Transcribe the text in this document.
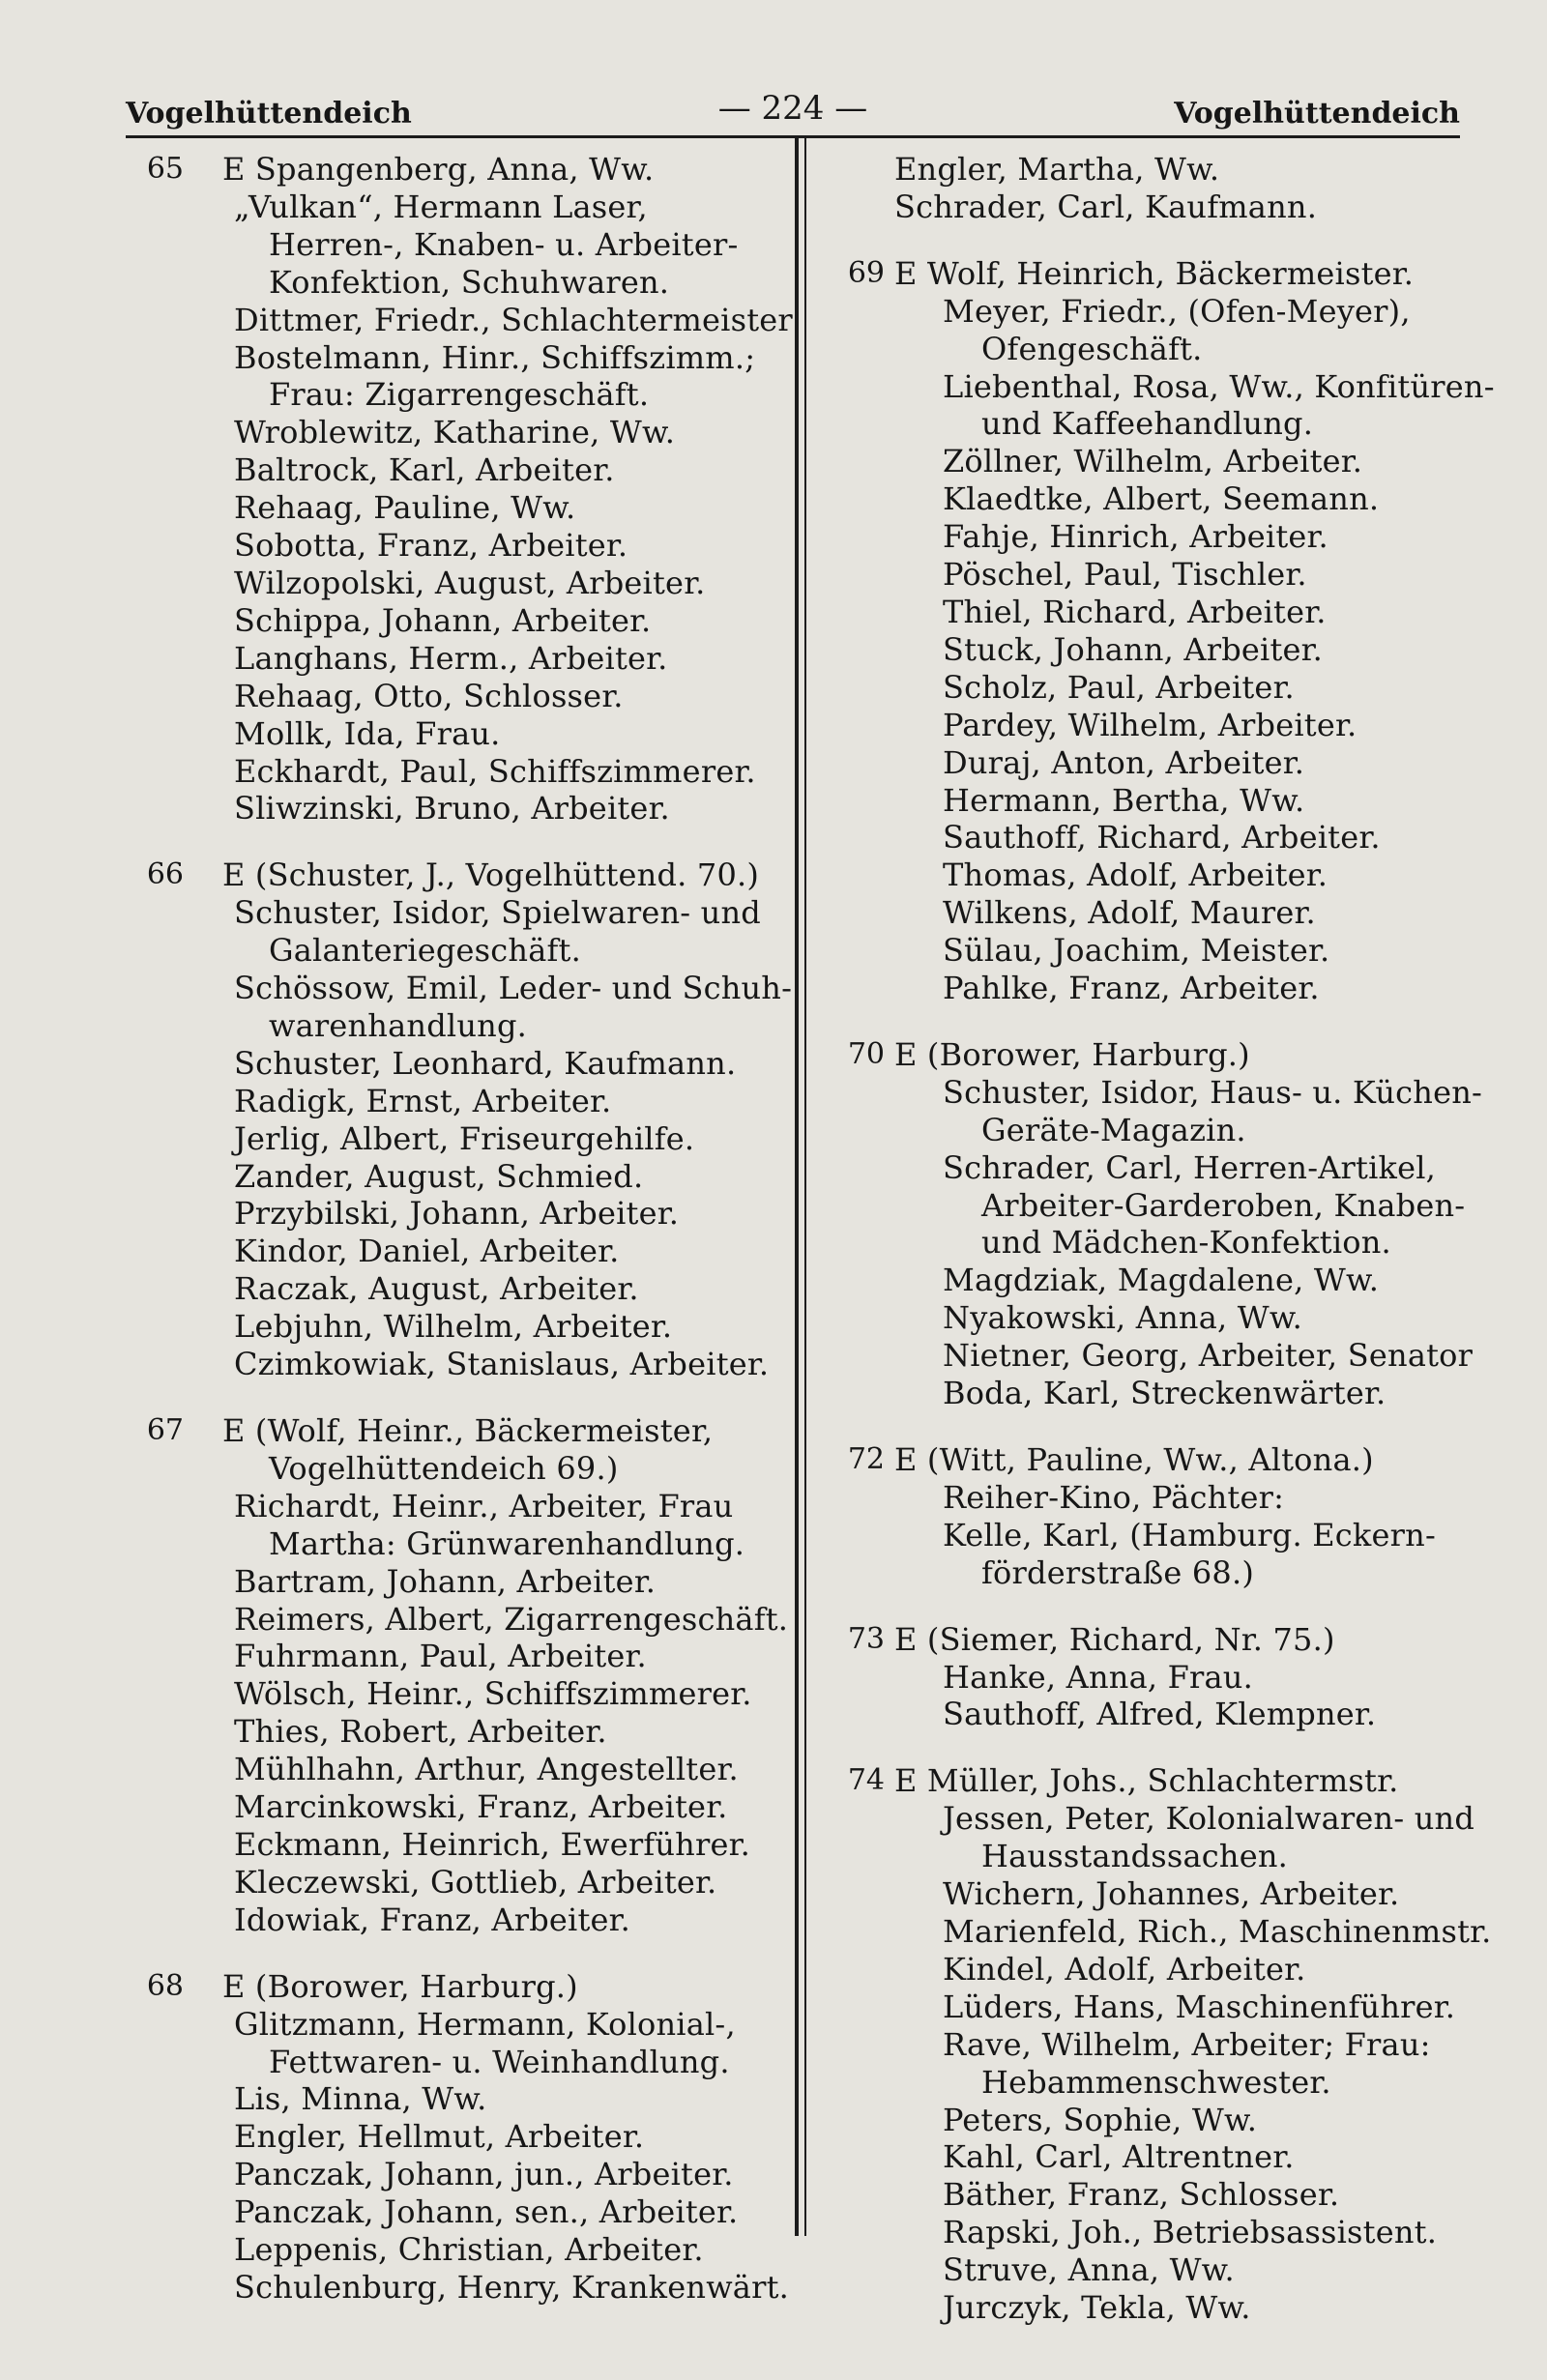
Vogelhüttendeich	— 224 —	Vogelhüttendeich
65 E Spangenberg, Anna, Ww.
„Vulkan“, Hermann Laser,
Herren-, Knaben- u. Arbeiter-
Konfektion, Schuhwaren.
Dittmer, Friedr., Schlachtermeister
Bostelmann, Hinr., Schiffszimm.;
Frau: Zigarrengeschäft.
Wroblewitz, Katharine, Ww.
Baltrock, Karl, Arbeiter.
Rehaag, Pauline, Ww.
Sobotta, Franz, Arbeiter.
Wilzopolski, August, Arbeiter.
Schippa, Johann, Arbeiter.
Langhans, Herm., Arbeiter.
Rehaag, Otto, Schlosser.
Mollk, Ida, Frau.
Eckhardt, Paul, Schiffszimmerer.
Sliwzinski, Bruno, Arbeiter.
66 E (Schuster, J., Vogelhüttend. 70.)
Schuster, Isidor, Spielwaren- und
Galanteriegeschäft.
Schössow, Emil, Leder- und Schuh-
warenhandlung.
Schuster, Leonhard, Kaufmann.
Radigk, Ernst, Arbeiter.
Jerlig, Albert, Friseurgehilfe.
Zander, August, Schmied.
Przybilski, Johann, Arbeiter.
Kindor, Daniel, Arbeiter.
Raczak, August, Arbeiter.
Lebjuhn, Wilhelm, Arbeiter.
Czimkowiak, Stanislaus, Arbeiter.
67 E (Wolf, Heinr., Bäckermeister,
Vogelhüttendeich 69.)
Richardt, Heinr., Arbeiter, Frau
Martha: Grünwarenhandlung.
Bartram, Johann, Arbeiter.
Reimers, Albert, Zigarrengeschäft.
Fuhrmann, Paul, Arbeiter.
Wölsch, Heinr., Schiffszimmerer.
Thies, Robert, Arbeiter.
Mühlhahn, Arthur, Angestellter.
Marcinkowski, Franz, Arbeiter.
Eckmann, Heinrich, Ewerführer.
Kleczewski, Gottlieb, Arbeiter.
Idowiak, Franz, Arbeiter.
68 E (Borower, Harburg.)
Glitzmann, Hermann, Kolonial-,
Fettwaren- u. Weinhandlung.
Lis, Minna, Ww.
Engler, Hellmut, Arbeiter.
Panczak, Johann, jun., Arbeiter.
Panczak, Johann, sen., Arbeiter.
Leppenis, Christian, Arbeiter.
Schulenburg, Henry, Krankenwärt.
Engler, Martha, Ww.
Schrader, Carl, Kaufmann.
69 E Wolf, Heinrich, Bäckermeister.
Meyer, Friedr., (Ofen-Meyer),
Ofengeschäft.
Liebenthal, Rosa, Ww., Konfitüren-
und Kaffeehandlung.
Zöllner, Wilhelm, Arbeiter.
Klaedtke, Albert, Seemann.
Fahje, Hinrich, Arbeiter.
Pöschel, Paul, Tischler.
Thiel, Richard, Arbeiter.
Stuck, Johann, Arbeiter.
Scholz, Paul, Arbeiter.
Pardey, Wilhelm, Arbeiter.
Duraj, Anton, Arbeiter.
Hermann, Bertha, Ww.
Sauthoff, Richard, Arbeiter.
Thomas, Adolf, Arbeiter.
Wilkens, Adolf, Maurer.
Sülau, Joachim, Meister.
Pahlke, Franz, Arbeiter.
70 E (Borower, Harburg.)
Schuster, Isidor, Haus- u. Küchen-
Geräte-Magazin.
Schrader, Carl, Herren-Artikel,
Arbeiter-Garderoben, Knaben-
und Mädchen-Konfektion.
Magdziak, Magdalene, Ww.
Nyakowski, Anna, Ww.
Nietner, Georg, Arbeiter, Senator
Boda, Karl, Streckenwärter.
72 E (Witt, Pauline, Ww., Altona.)
Reiher-Kino, Pächter:
Kelle, Karl, (Hamburg. Eckern-
förderstraße 68.)
73 E (Siemer, Richard, Nr. 75.)
Hanke, Anna, Frau.
Sauthoff, Alfred, Klempner.
74 E Müller, Johs., Schlachtermstr.
Jessen, Peter, Kolonialwaren- und
Hausstandssachen.
Wichern, Johannes, Arbeiter.
Marienfeld, Rich., Maschinenmstr.
Kindel, Adolf, Arbeiter.
Lüders, Hans, Maschinenführer.
Rave, Wilhelm, Arbeiter; Frau:
Hebammenschwester.
Peters, Sophie, Ww.
Kahl, Carl, Altrentner.
Bäther, Franz, Schlosser.
Rapski, Joh., Betriebsassistent.
Struve, Anna, Ww.
Jurczyk, Tekla, Ww.
